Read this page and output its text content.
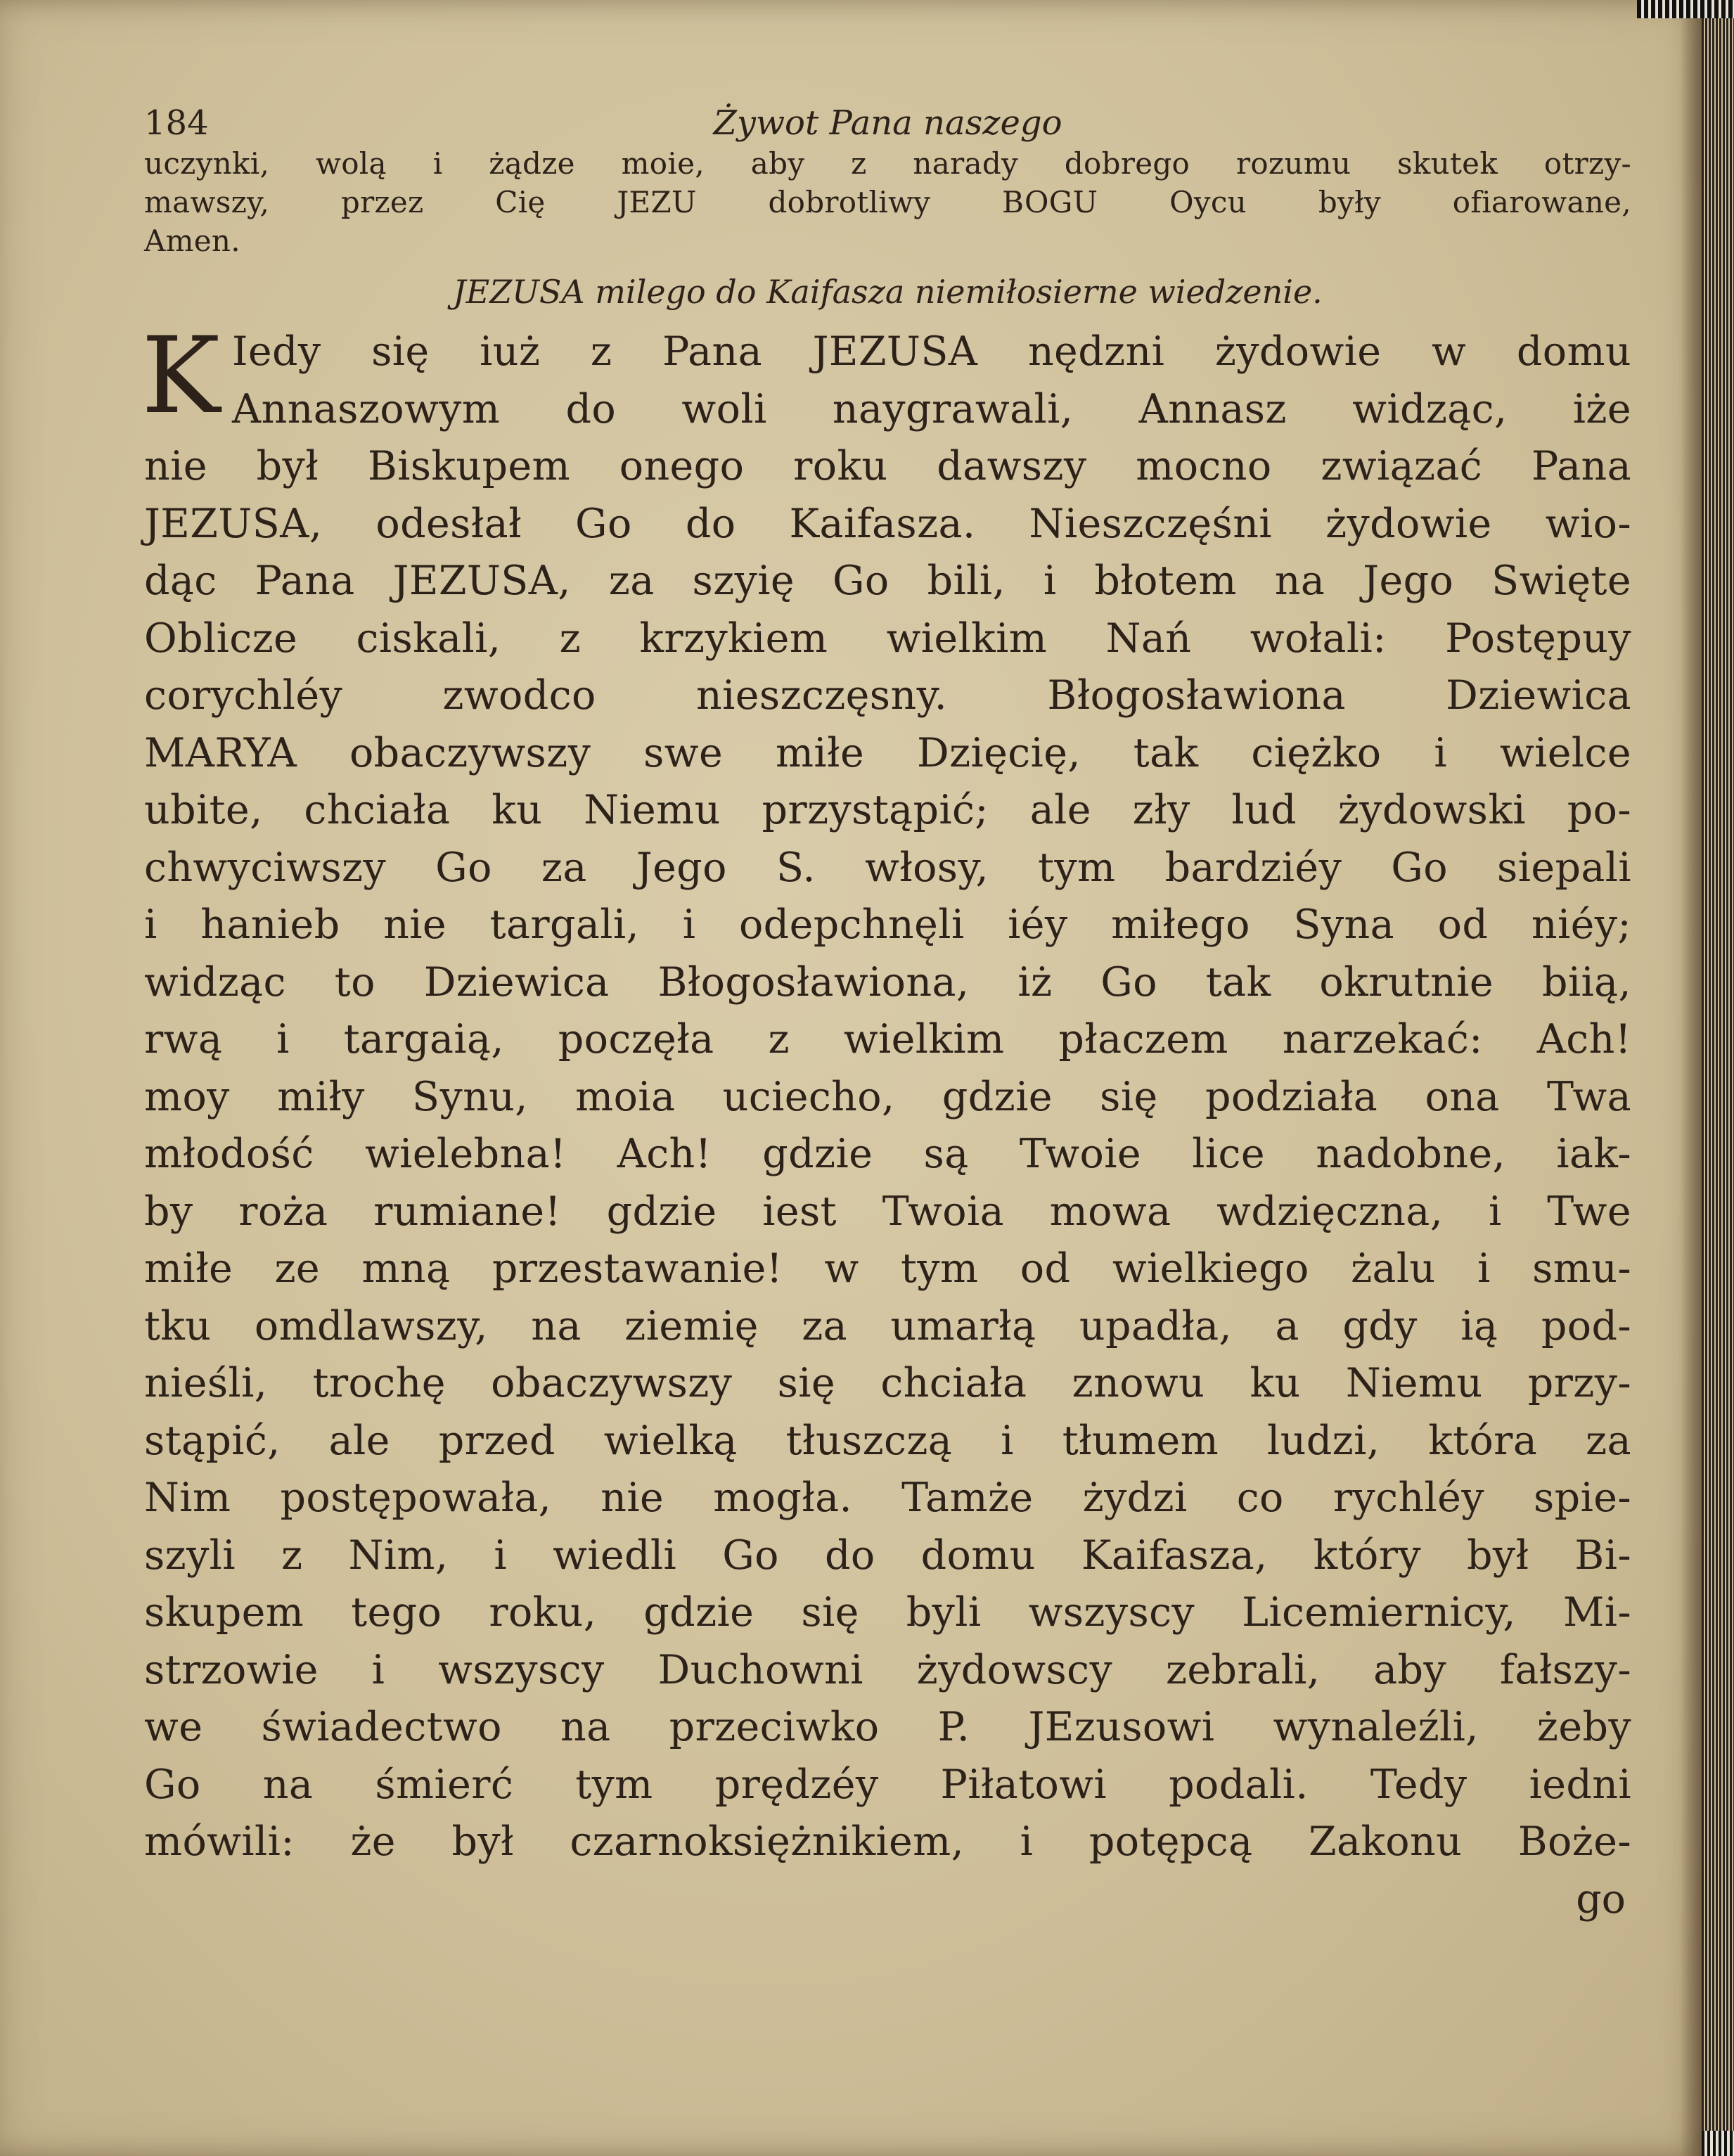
184	Żywot Pana naszego
uczynki, wolą i żądze moie, aby z narady dobrego rozumu skutek otrzy-
mawszy, przez Cię JEZU dobrotliwy BOGU Oycu były ofiarowane,
Amen.
JEZUSA milego do Kaifasza niemiłosierne wiedzenie.
K Iedy się iuż z Pana JEZUSA nędzni żydowie w domu
Annaszowym do woli naygrawali, Annasz widząc, iże
nie był Biskupem onego roku dawszy mocno związać Pana
JEZUSA, odesłał Go do Kaifasza. Nieszczęśni żydowie wio-
dąc Pana JEZUSA, za szyię Go bili, i błotem na Jego Swięte
Oblicze ciskali, z krzykiem wielkim Nań wołali: Postępuy
corychléy zwodco nieszczęsny. Błogosławiona Dziewica
MARYA obaczywszy swe miłe Dzięcię, tak ciężko i wielce
ubite, chciała ku Niemu przystąpić; ale zły lud żydowski po-
chwyciwszy Go za Jego S. włosy, tym bardziéy Go siepali
i hanieb nie targali, i odepchnęli iéy miłego Syna od niéy;
widząc to Dziewica Błogosławiona, iż Go tak okrutnie biią,
rwą i targaią, poczęła z wielkim płaczem narzekać: Ach!
moy miły Synu, moia uciecho, gdzie się podziała ona Twa
młodość wielebna! Ach! gdzie są Twoie lice nadobne, iak-
by roża rumiane! gdzie iest Twoia mowa wdzięczna, i Twe
miłe ze mną przestawanie! w tym od wielkiego żalu i smu-
tku omdlawszy, na ziemię za umarłą upadła, a gdy ią pod-
nieśli, trochę obaczywszy się chciała znowu ku Niemu przy-
stąpić, ale przed wielką tłuszczą i tłumem ludzi, która za
Nim postępowała, nie mogła. Tamże żydzi co rychléy spie-
szyli z Nim, i wiedli Go do domu Kaifasza, który był Bi-
skupem tego roku, gdzie się byli wszyscy Licemiernicy, Mi-
strzowie i wszyscy Duchowni żydowscy zebrali, aby fałszy-
we świadectwo na przeciwko P. JEzusowi wynaleźli, żeby
Go na śmierć tym prędzéy Piłatowi podali. Tedy iedni
mówili: że był czarnoksiężnikiem, i potępcą Zakonu Boże-
go
